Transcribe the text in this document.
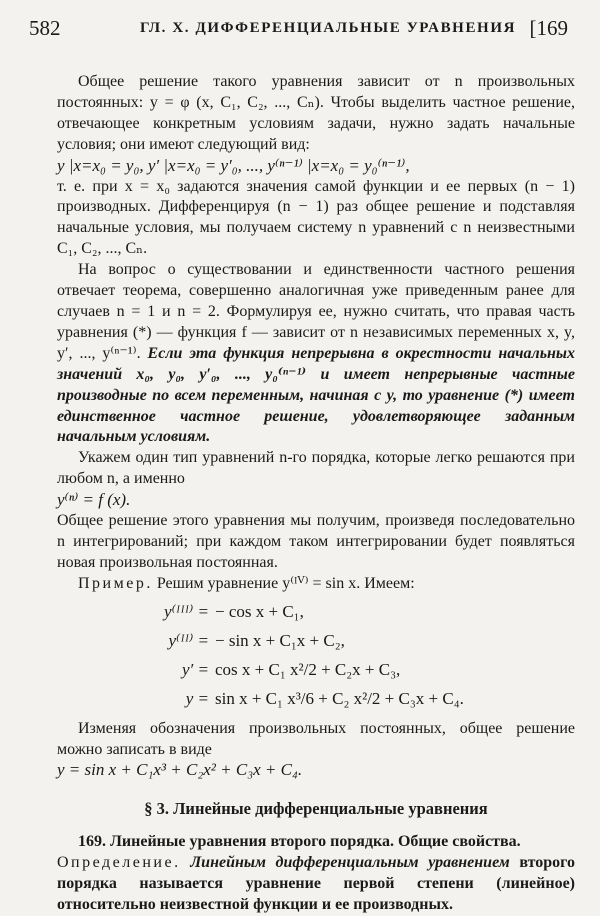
582	ГЛ. X. ДИФФЕРЕНЦИАЛЬНЫЕ УРАВНЕНИЯ [169

Общее решение такого уравнения зависит от n произвольных постоянных: y = φ (x, C₁, C₂, ..., Cₙ). Чтобы выделить частное решение, отвечающее конкретным условиям задачи, нужно задать начальные условия; они имеют следующий вид:

y |x=x₀ = y₀, y′ |x=x₀ = y′₀, ..., y⁽ⁿ⁻¹⁾ |x=x₀ = y₀⁽ⁿ⁻¹⁾,

т. е. при x = x₀ задаются значения самой функции и ее первых (n − 1) производных. Дифференцируя (n − 1) раз общее решение и подставляя начальные условия, мы получаем систему n уравнений с n неизвестными C₁, C₂, ..., Cₙ.

На вопрос о существовании и единственности частного решения отвечает теорема, совершенно аналогичная уже приведенным ранее для случаев n = 1 и n = 2. Формулируя ее, нужно считать, что правая часть уравнения (*) — функция f — зависит от n независимых переменных x, y, y′, ..., y⁽ⁿ⁻¹⁾. Если эта функция непрерывна в окрестности начальных значений x₀, y₀, y′₀, ..., y₀⁽ⁿ⁻¹⁾ и имеет непрерывные частные производные по всем переменным, начиная с y, то уравнение (*) имеет единственное частное решение, удовлетворяющее заданным начальным условиям.

Укажем один тип уравнений n-го порядка, которые легко решаются при любом n, а именно

y⁽ⁿ⁾ = f (x).

Общее решение этого уравнения мы получим, произведя последовательно n интегрирований; при каждом таком интегрировании будет появляться новая произвольная постоянная.

Пример. Решим уравнение y⁽ᴵⱽ⁾ = sin x. Имеем:

y⁽ᴵᴵᴵ⁾ = − cos x + C₁,
y⁽ᴵᴵ⁾ = − sin x + C₁x + C₂,
y′ = cos x + C₁ x²/2 + C₂x + C₃,
y = sin x + C₁ x³/6 + C₂ x²/2 + C₃x + C₄.

Изменяя обозначения произвольных постоянных, общее решение можно записать в виде

y = sin x + C₁x³ + C₂x² + C₃x + C₄.

§ 3. Линейные дифференциальные уравнения

169. Линейные уравнения второго порядка. Общие свойства.

Определение. Линейным дифференциальным уравнением второго порядка называется уравнение первой степени (линейное) относительно неизвестной функции и ее производных.
